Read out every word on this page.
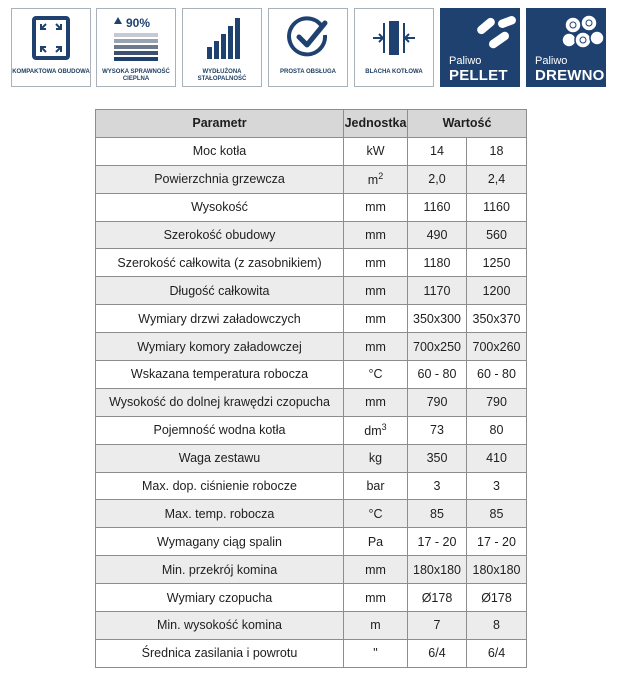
KOMPAKTOWA OBUDOWA
90%
WYSOKA SPRAWNOŚĆ CIEPLNA
WYDŁUŻONA STAŁOPALNOŚĆ
PROSTA OBSŁUGA	BLACHA KOTŁOWA
Paliwo
PELLET
Paliwo
DREWNO
Parametr	Jednostka	Wartość	
Moc kotła	kW	14	18
Powierzchnia grzewcza	$m^2$	2,0	2,4
Wysokość	mm	1160	1160
Szerokość obudowy	mm	490	560
Szerokość całkowita (z zasobnikiem)	mm	1180	1250
Długość całkowita	mm	1170	1200
Wymiary drzwi załadowczych	mm	350x300	350x370
Wymiary komory załadowczej	mm	700x250	700x260
Wskazana temperatura robocza	°C	60 - 80	60 - 80
Wysokość do dolnej krawędzi czopucha	mm	790	790
Pojemność wodna kotła	$dm^3$	73	80
Waga zestawu	kg	350	410
Max. dop. ciśnienie robocze	bar	3	3
Max. temp. robocza	°C	85	85
Wymagany ciąg spalin	Pa	17 - 20	17 - 20
Min. przekrój komina	mm	180x180	180x180
Wymiary czopucha	mm	Ø178	Ø178
Min. wysokość komina	m	7	8
Średnica zasilania i powrotu	"	6/4	6/4
